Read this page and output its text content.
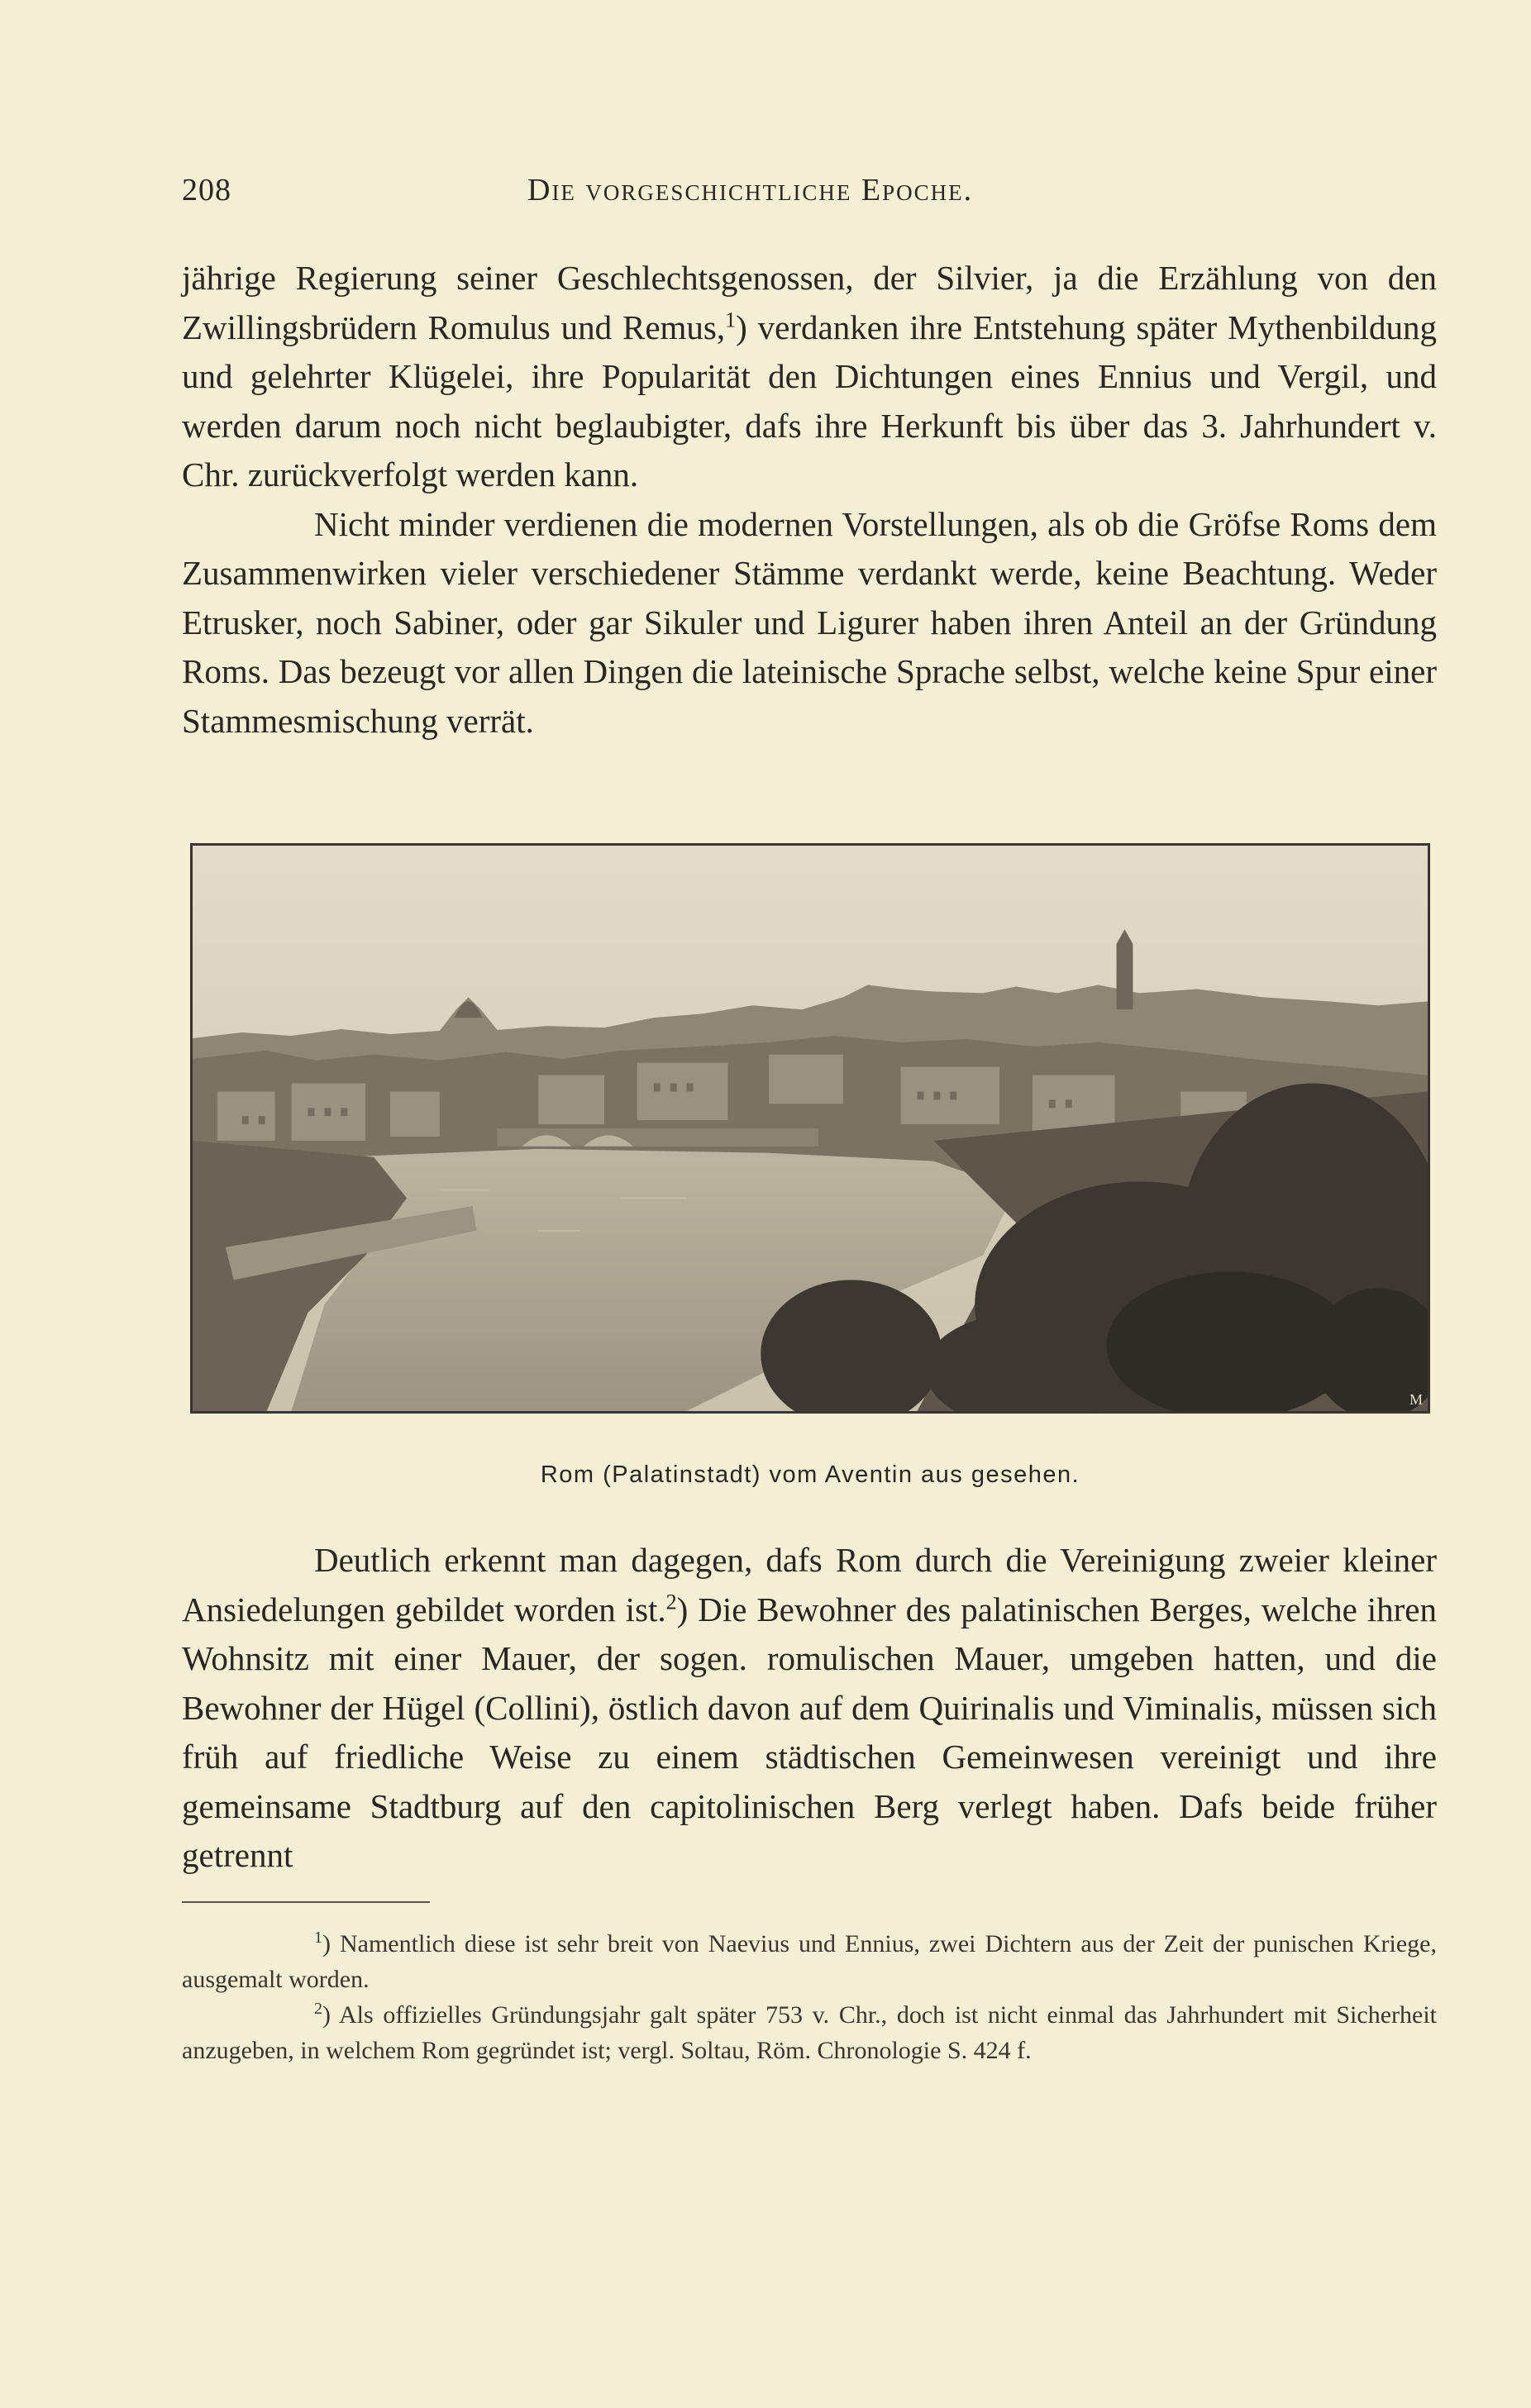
208	Die vorgeschichtliche Epoche.

jährige Regierung seiner Geschlechtsgenossen, der Silvier, ja die Erzählung von den Zwillingsbrüdern Romulus und Remus,$^1$) verdanken ihre Entstehung später Mythenbildung und gelehrter Klügelei, ihre Popularität den Dichtungen eines Ennius und Vergil, und werden darum noch nicht beglaubigter, dafs ihre Herkunft bis über das 3. Jahrhundert v. Chr. zurückverfolgt werden kann.

Nicht minder verdienen die modernen Vorstellungen, als ob die Gröfse Roms dem Zusammenwirken vieler verschiedener Stämme verdankt werde, keine Beachtung. Weder Etrusker, noch Sabiner, oder gar Sikuler und Ligurer haben ihren Anteil an der Gründung Roms. Das bezeugt vor allen Dingen die lateinische Sprache selbst, welche keine Spur einer Stammesmischung verrät.

M
Rom (Palatinstadt) vom Aventin aus gesehen.

Deutlich erkennt man dagegen, dafs Rom durch die Vereinigung zweier kleiner Ansiedelungen gebildet worden ist.$^2$) Die Bewohner des palatinischen Berges, welche ihren Wohnsitz mit einer Mauer, der sogen. romulischen Mauer, umgeben hatten, und die Bewohner der Hügel (Collini), östlich davon auf dem Quirinalis und Viminalis, müssen sich früh auf friedliche Weise zu einem städtischen Gemeinwesen vereinigt und ihre gemeinsame Stadtburg auf den capitolinischen Berg verlegt haben. Dafs beide früher getrennt

$^1$) Namentlich diese ist sehr breit von Naevius und Ennius, zwei Dichtern aus der Zeit der punischen Kriege, ausgemalt worden.

$^2$) Als offizielles Gründungsjahr galt später 753 v. Chr., doch ist nicht einmal das Jahrhundert mit Sicherheit anzugeben, in welchem Rom gegründet ist; vergl. Soltau, Röm. Chronologie S. 424 f.
